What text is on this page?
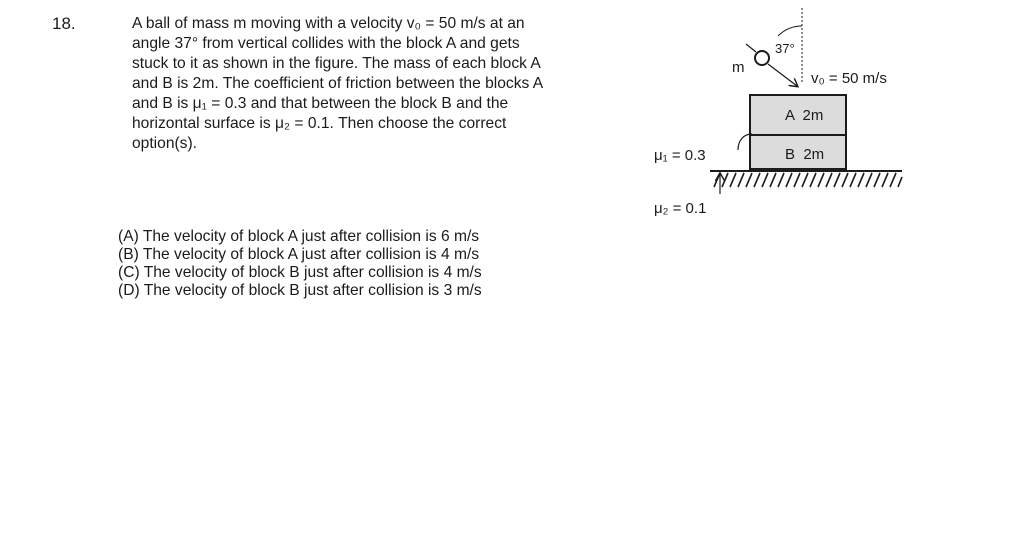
18.	A ball of mass m moving with a velocity v₀ = 50 m/s at an
angle 37° from vertical collides with the block A and gets
stuck to it as shown in the figure. The mass of each block A
and B is 2m. The coefficient of friction between the blocks A
and B is μ₁ = 0.3 and that between the block B and the
horizontal surface is μ₂ = 0.1. Then choose the correct
option(s).

m
37°
v₀ = 50 m/s
A  2m
B  2m
μ₁ = 0.3
μ₂ = 0.1
(A) The velocity of block A just after collision is 6 m/s
(B) The velocity of block A just after collision is 4 m/s
(C) The velocity of block B just after collision is 4 m/s
(D) The velocity of block B just after collision is 3 m/s
